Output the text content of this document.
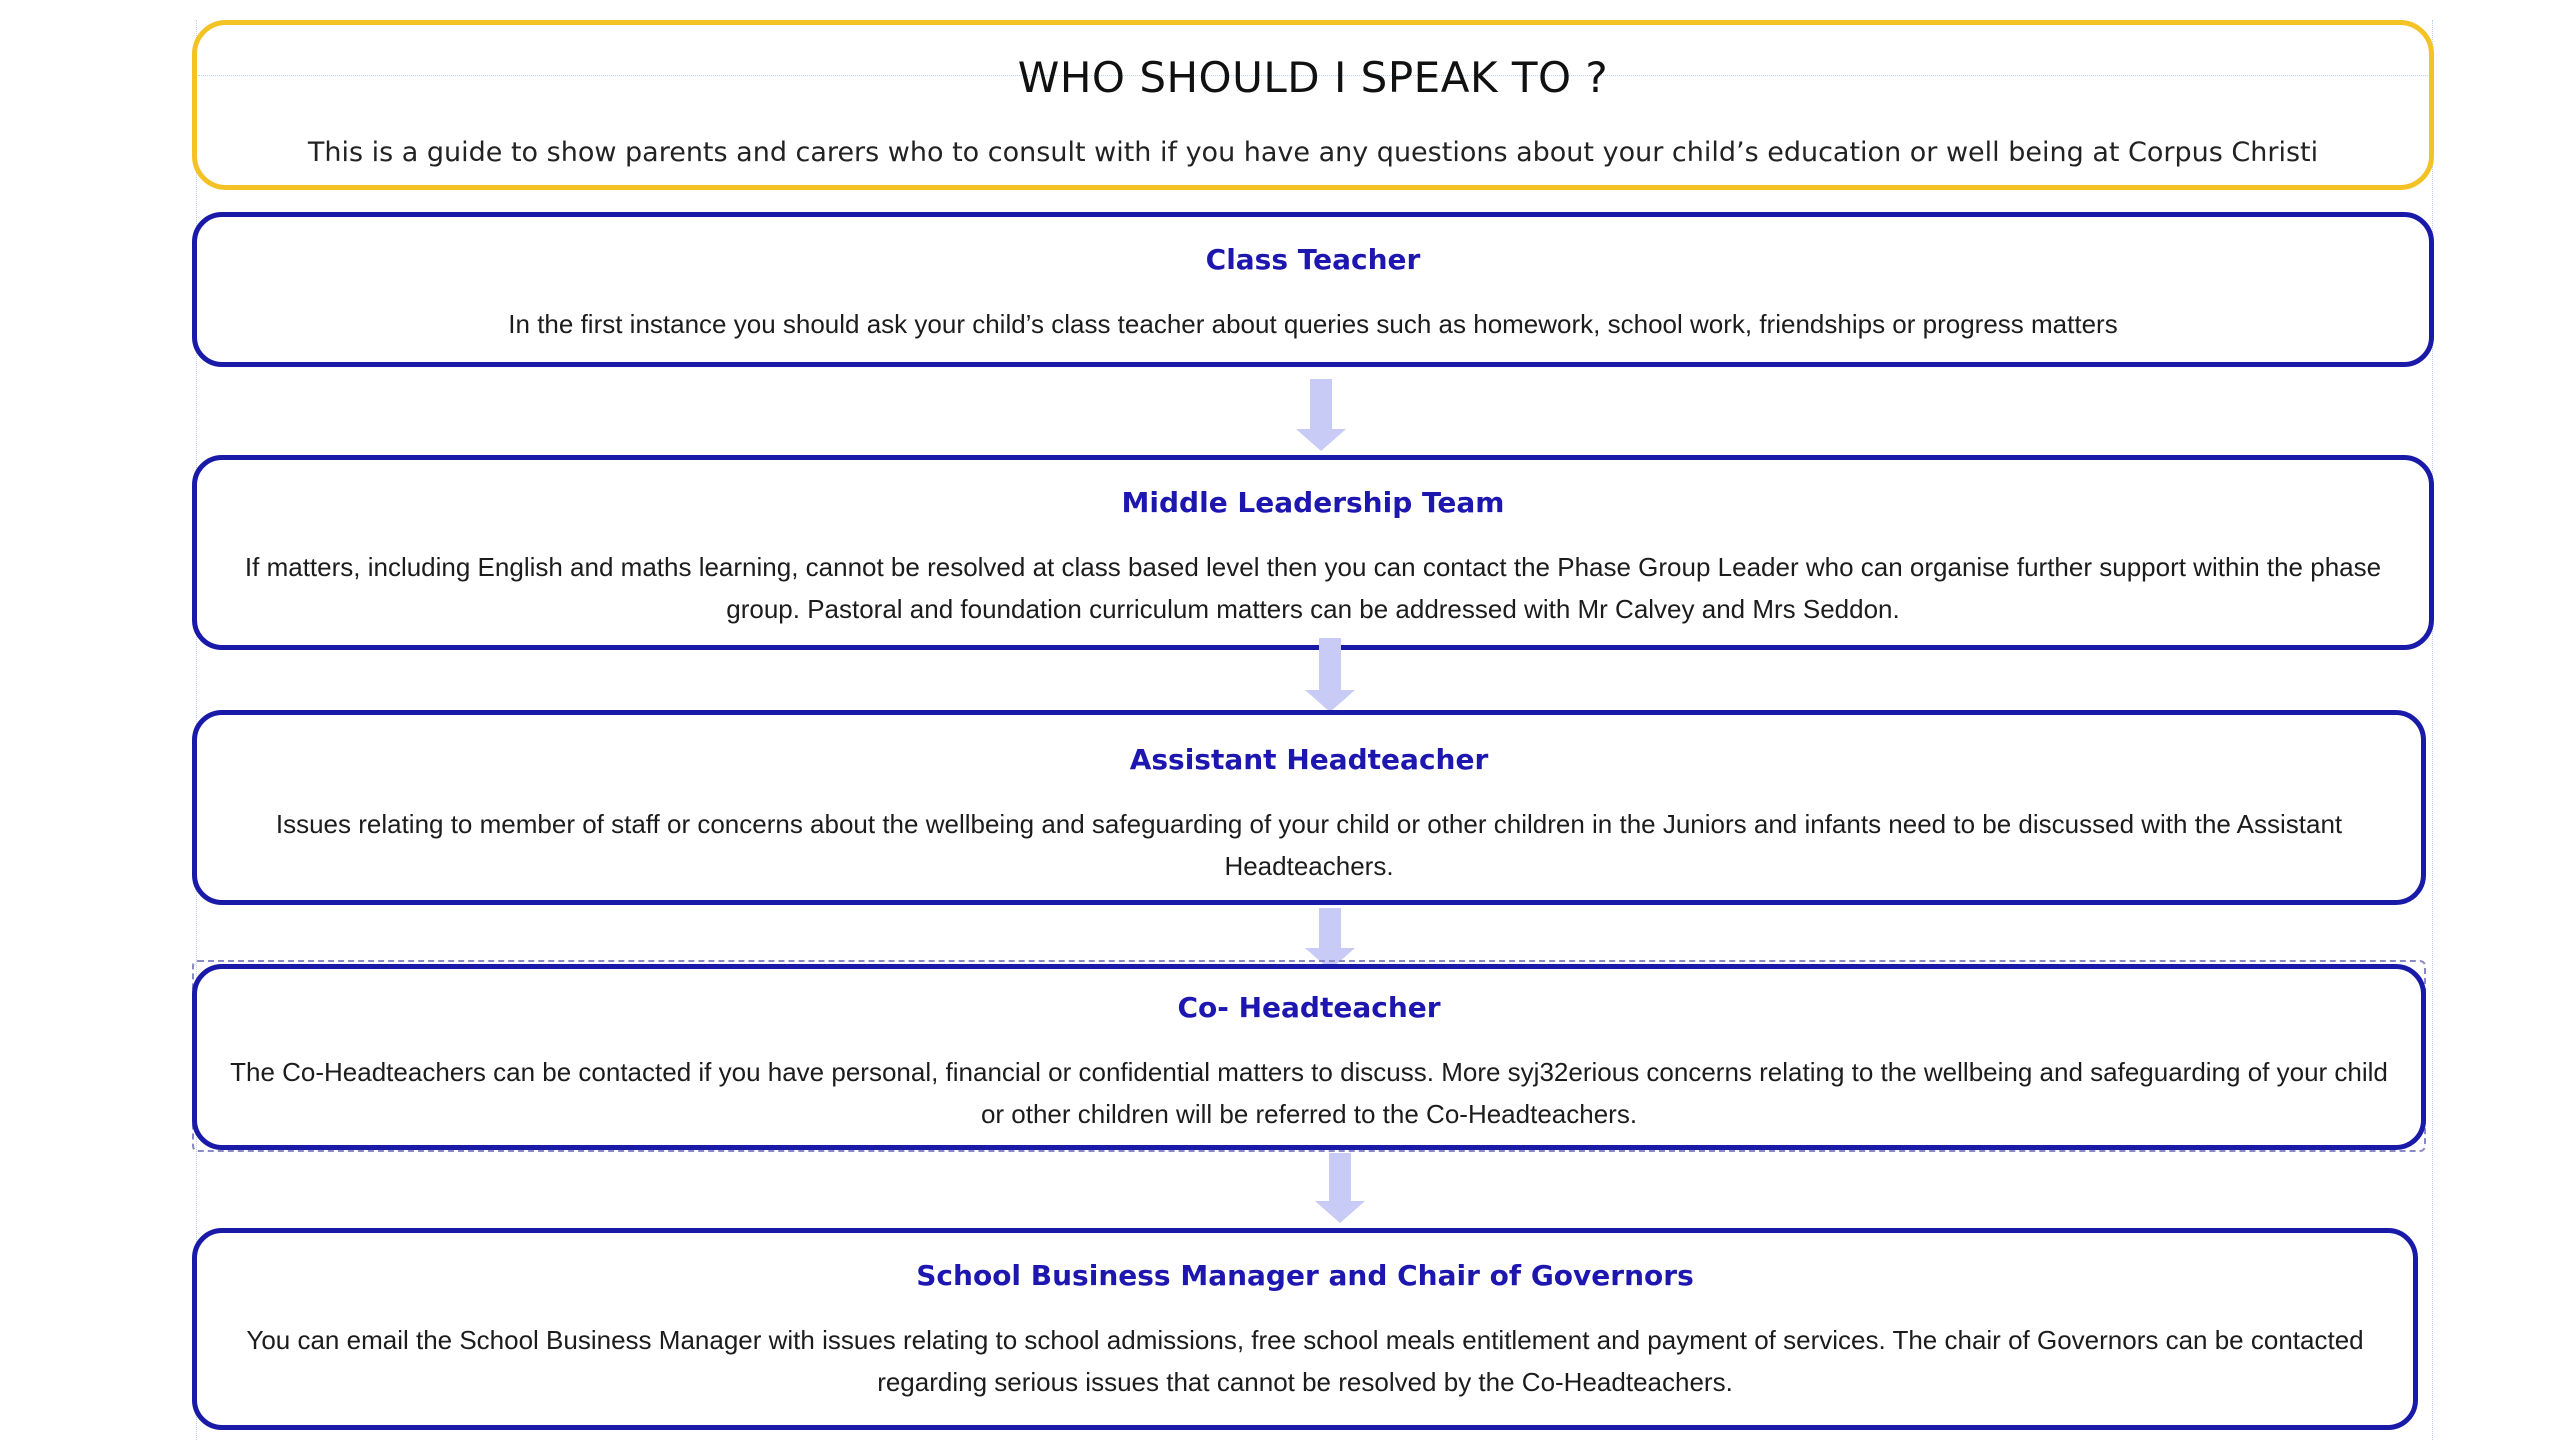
WHO SHOULD I SPEAK TO ?
This is a guide to show parents and carers who to consult with if you have any questions about your child’s education or well being at Corpus Christi
Class Teacher
In the first instance you should ask your child’s class teacher about queries such as homework, school work, friendships or progress matters
Middle Leadership Team
If matters, including English and maths learning, cannot be resolved at class based level then you can contact the Phase Group Leader who can organise further support within the phase group. Pastoral and foundation curriculum matters can be addressed with Mr Calvey and Mrs Seddon.
Assistant Headteacher
Issues relating to member of staff or concerns about the wellbeing and safeguarding of your child or other children in the Juniors and infants need to be discussed with the Assistant Headteachers.
Co- Headteacher
The Co-Headteachers can be contacted if you have personal, financial or confidential matters to discuss. More syj32erious concerns relating to the wellbeing and safeguarding of your child or other children will be referred to the Co-Headteachers.
School Business Manager and Chair of Governors
You can email the School Business Manager with issues relating to school admissions, free school meals entitlement and payment of services. The chair of Governors can be contacted regarding serious issues that cannot be resolved by the Co-Headteachers.
